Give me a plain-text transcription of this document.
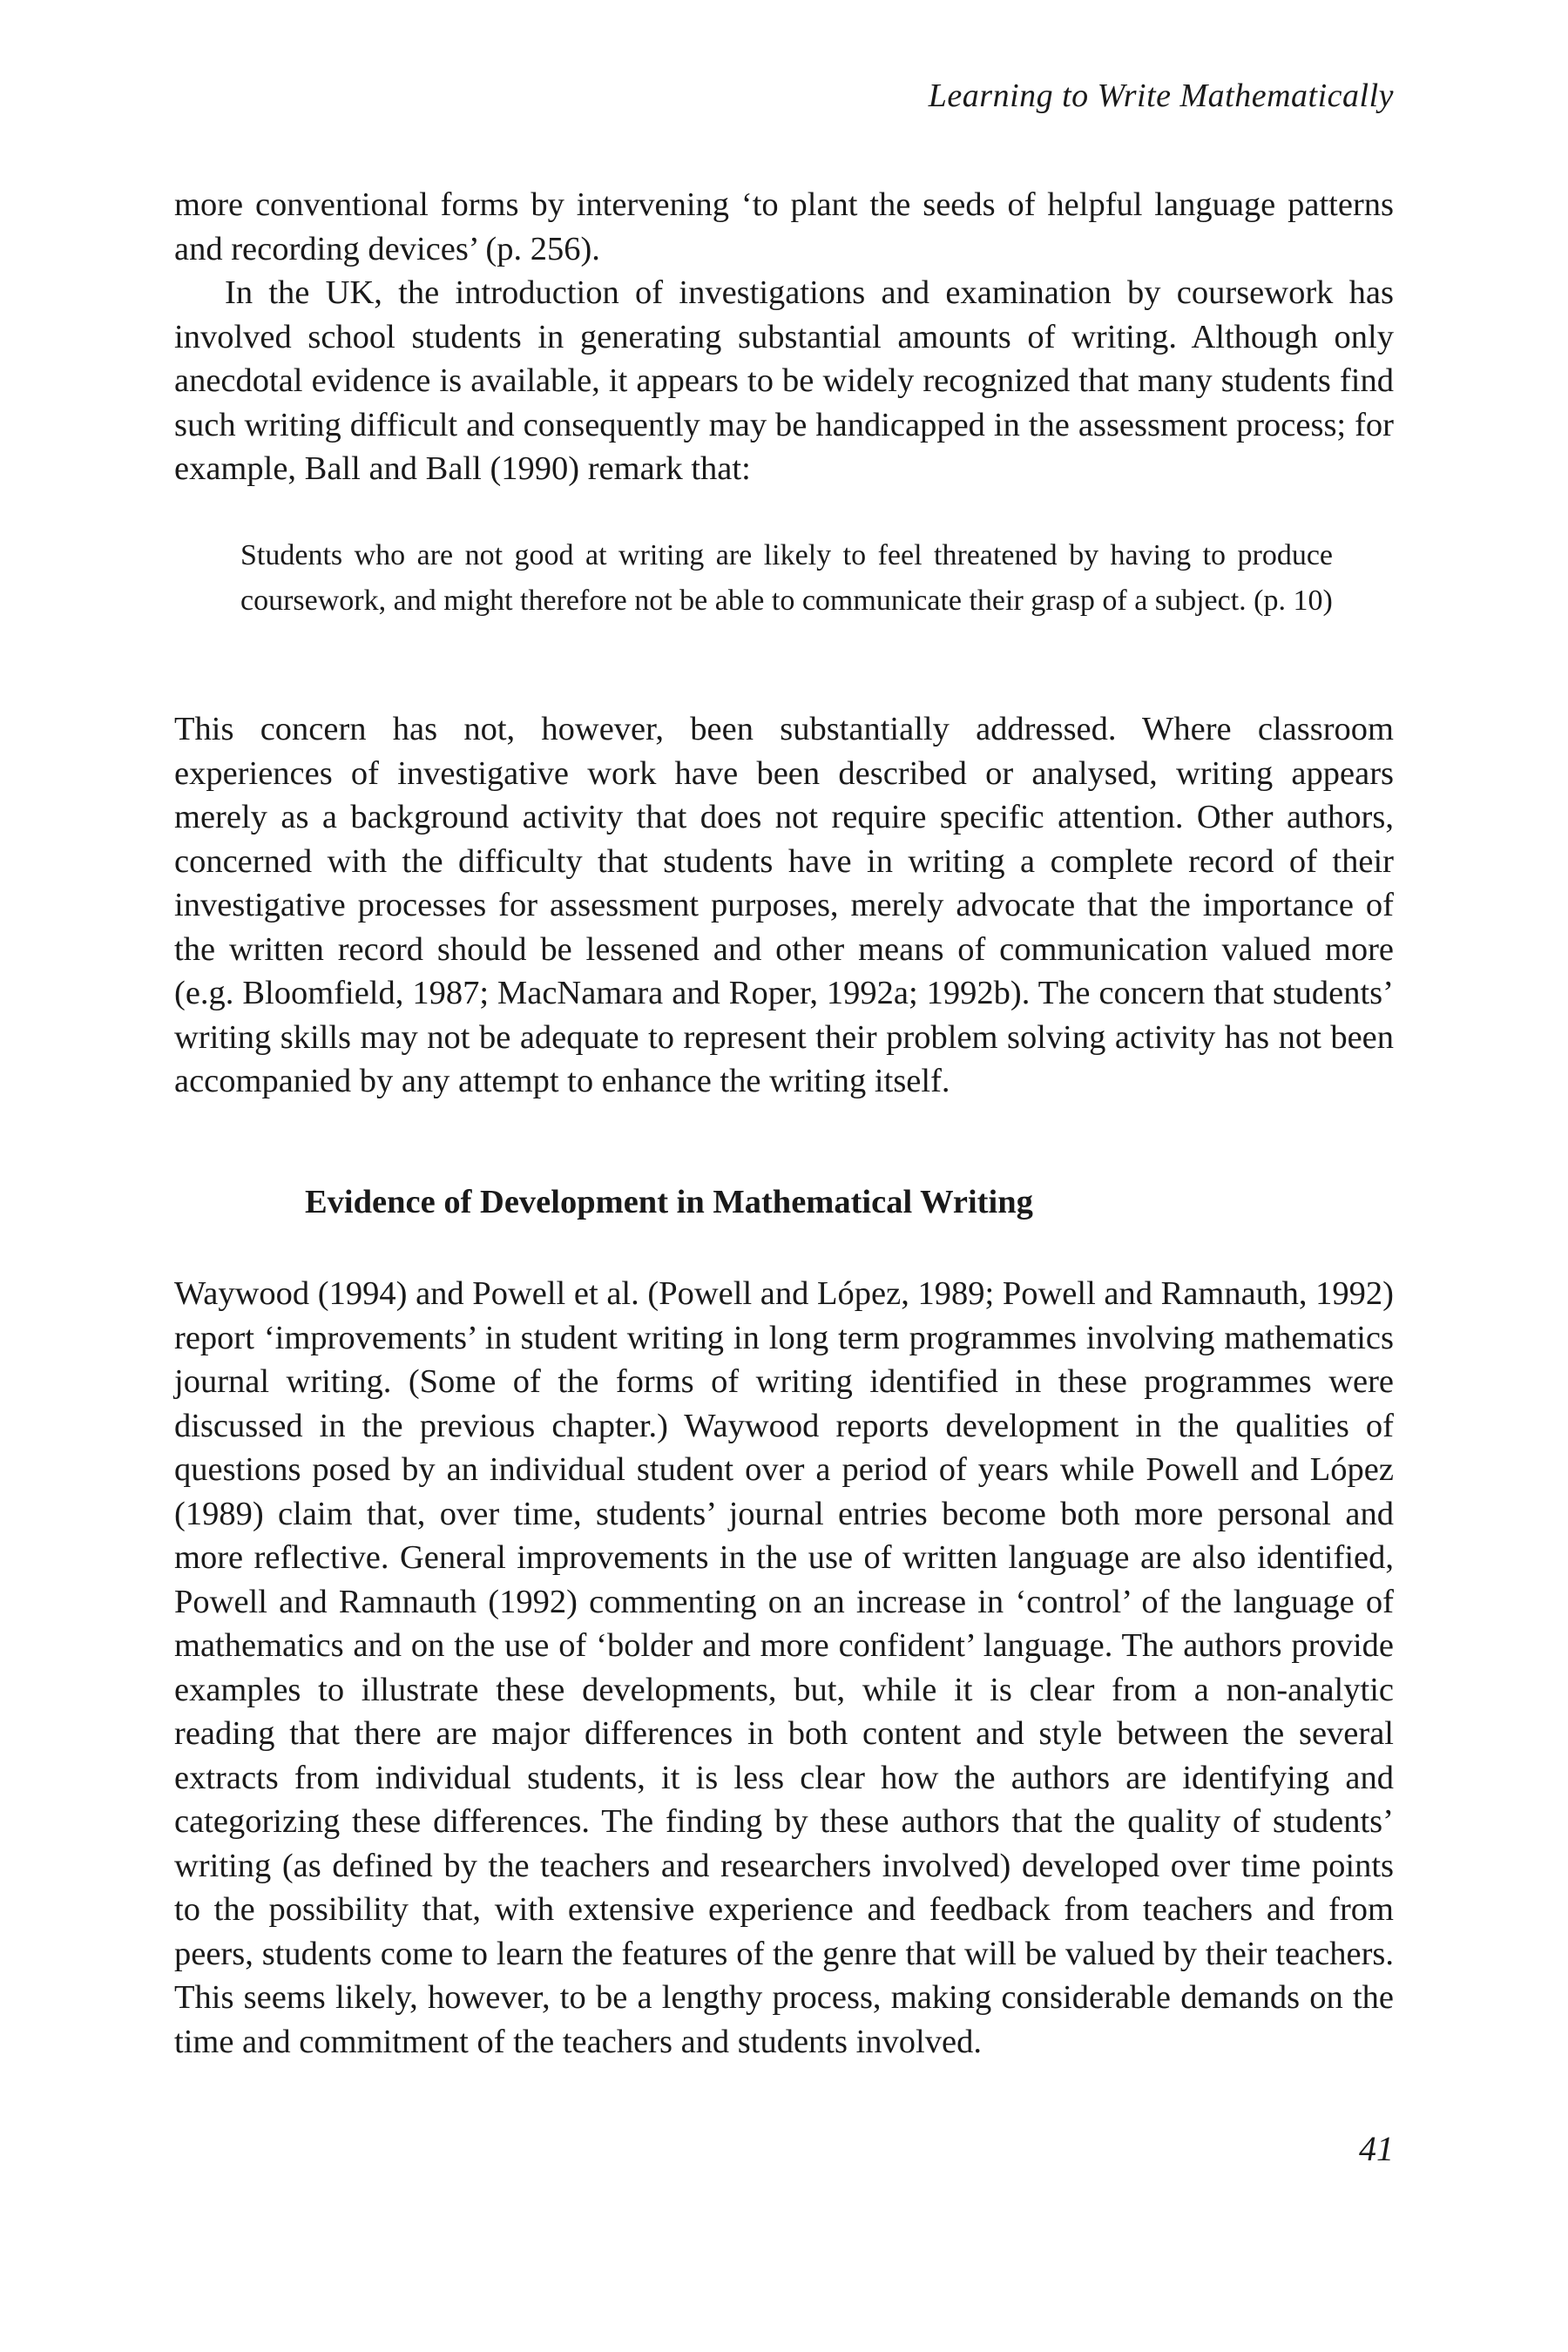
Learning to Write Mathematically

more conventional forms by intervening ‘to plant the seeds of helpful language patterns and recording devices’ (p. 256).

In the UK, the introduction of investigations and examination by coursework has involved school students in generating substantial amounts of writing. Although only anecdotal evidence is available, it appears to be widely recognized that many students find such writing difficult and consequently may be handicapped in the assessment process; for example, Ball and Ball (1990) remark that:

Students who are not good at writing are likely to feel threatened by having to produce coursework, and might therefore not be able to communicate their grasp of a subject. (p. 10)

This concern has not, however, been substantially addressed. Where classroom experiences of investigative work have been described or analysed, writing appears merely as a background activity that does not require specific attention. Other authors, concerned with the difficulty that students have in writing a complete record of their investigative processes for assessment purposes, merely advocate that the importance of the written record should be lessened and other means of communication valued more (e.g. Bloomfield, 1987; MacNamara and Roper, 1992a; 1992b). The concern that students’ writing skills may not be adequate to represent their problem solving activity has not been accompanied by any attempt to enhance the writing itself.

Evidence of Development in Mathematical Writing

Waywood (1994) and Powell et al. (Powell and López, 1989; Powell and Ramnauth, 1992) report ‘improvements’ in student writing in long term programmes involving mathematics journal writing. (Some of the forms of writing identified in these programmes were discussed in the previous chapter.) Waywood reports development in the qualities of questions posed by an individual student over a period of years while Powell and López (1989) claim that, over time, students’ journal entries become both more personal and more reflective. General improvements in the use of written language are also identified, Powell and Ramnauth (1992) commenting on an increase in ‘control’ of the language of mathematics and on the use of ‘bolder and more confident’ language. The authors provide examples to illustrate these developments, but, while it is clear from a non-analytic reading that there are major differences in both content and style between the several extracts from individual students, it is less clear how the authors are identifying and categorizing these differences. The finding by these authors that the quality of students’ writing (as defined by the teachers and researchers involved) developed over time points to the possibility that, with extensive experience and feedback from teachers and from peers, students come to learn the features of the genre that will be valued by their teachers. This seems likely, however, to be a lengthy process, making considerable demands on the time and commitment of the teachers and students involved.

41
